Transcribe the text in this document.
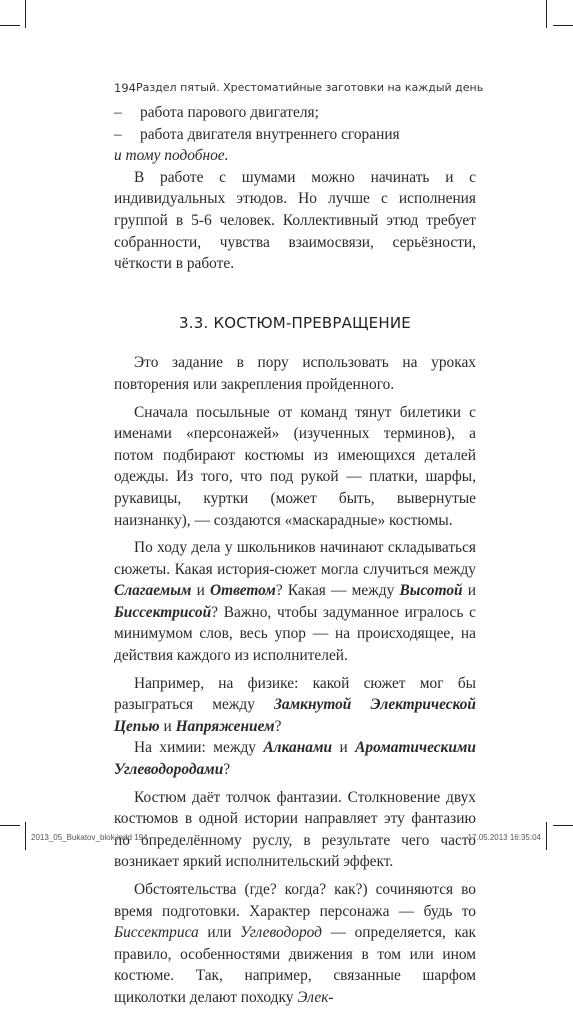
194 Раздел пятый. Хрестоматийные заготовки на каждый день
–	работа парового двигателя;
–	работа двигателя внутреннего сгорания

и тому подобное.

В работе с шумами можно начинать и с индивидуальных этюдов. Но лучше с исполнения группой в 5-6 человек. Коллективный этюд требует собранности, чувства взаимосвязи, серьёзности, чёткости в работе.

3.3. КОСТЮМ-ПРЕВРАЩЕНИЕ

Это задание в пору использовать на уроках повторения или закрепления пройденного.

Сначала посыльные от команд тянут билетики с именами «персонажей» (изученных терминов), а потом подбирают костюмы из имеющихся деталей одежды. Из того, что под рукой — платки, шарфы, рукавицы, куртки (может быть, вывернутые наизнанку), — создаются «маскарадные» костюмы.

По ходу дела у школьников начинают складываться сюжеты. Какая история-сюжет могла случиться между Слагаемым и Ответом? Какая — между Высотой и Биссектрисой? Важно, чтобы задуманное игралось с минимумом слов, весь упор — на происходящее, на действия каждого из исполнителей.

Например, на физике: какой сюжет мог бы разыграться между Замкнутой Электрической Цепью и Напряжением?

На химии: между Алканами и Ароматическими Углеводородами?

Костюм даёт толчок фантазии. Столкновение двух костюмов в одной истории направляет эту фантазию по определённому руслу, в результате чего часто возникает яркий исполнительский эффект.

Обстоятельства (где? когда? как?) сочиняются во время подготовки. Характер персонажа — будь то Биссектриса или Углеводород — определяется, как правило, особенностями движения в том или ином костюме. Так, например, связанные шарфом щиколотки делают походку Элек-

2013_05_Bukatov_blok.indd 194	17.05.2013 16:35:04
